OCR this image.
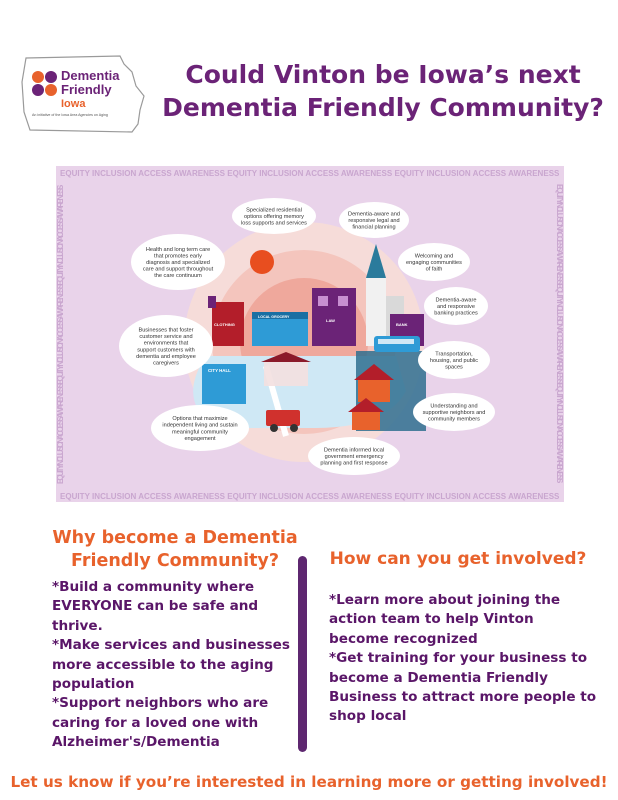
Dementia
Friendly
Iowa
An initiative of the Iowa Area Agencies on Aging
Could Vinton be Iowa’s next
Dementia Friendly Community?
EQUITY INCLUSION ACCESS AWARENESS EQUITY INCLUSION ACCESS AWARENESS EQUITY INCLUSION ACCESS AWARENESS
EQUITY INCLUSION ACCESS AWARENESS EQUITY INCLUSION ACCESS AWARENESS EQUITY INCLUSION ACCESS AWARENESS
EQUITY INCLUSION ACCESS AWARENESS EQUITY INCLUSION ACCESS AWARENESS EQUITY INCLUSION ACCESS AWARENESS	EQUITY INCLUSION ACCESS AWARENESS EQUITY INCLUSION ACCESS AWARENESS EQUITY INCLUSION ACCESS AWARENESS
CLOTHING
LOCAL GROCERY
LAW
BANK
CITY HALL
Specialized residential
options offering memory
loss supports and services
Dementia-aware and
responsive legal and
financial planning
Health and long term care
that promotes early
diagnosis and specialized
care and support throughout
the care continuum
Welcoming and
engaging communities
of faith
Dementia-aware
and responsive
banking practices
Businesses that foster
customer service and
environments that
support customers with
dementia and employee
caregivers
Transportation,
housing, and public
spaces
Understanding and
supportive neighbors and
community members
Options that maximize
independent living and sustain
meaningful community
engagement
Dementia informed local
government emergency
planning and first response
Why become a Dementia
Friendly Community?

*Build a community where EVERYONE can be safe and thrive.

*Make services and businesses more accessible to the aging population

*Support neighbors who are caring for a loved one with Alzheimer's/Dementia

How can you get involved?

*Learn more about joining the action team to help Vinton become recognized

*Get training for your business to become a Dementia Friendly Business to attract more people to shop local

Let us know if you’re interested in learning more or getting involved!
